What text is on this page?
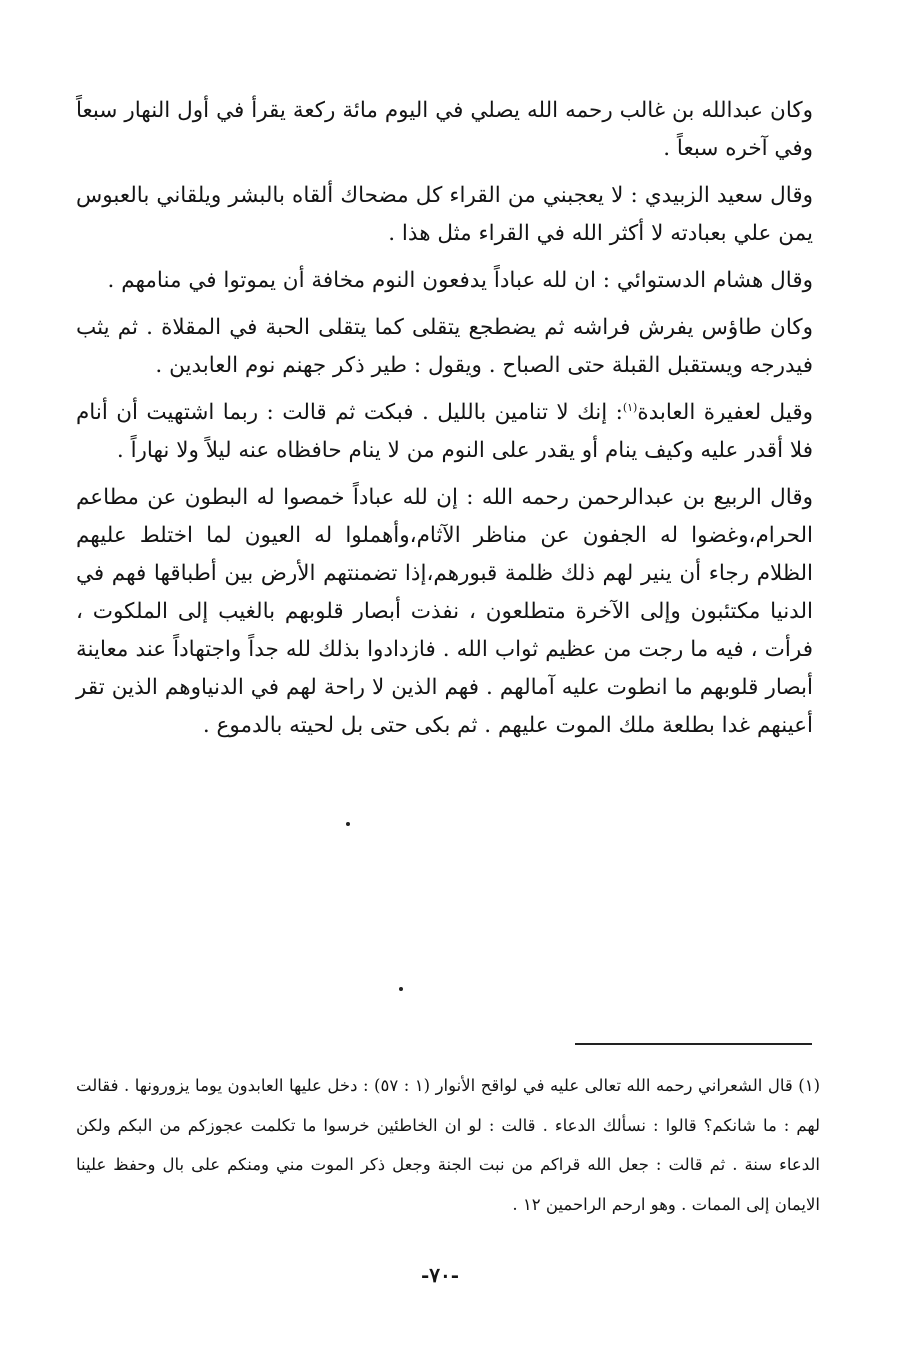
وكان عبدالله بن غالب رحمه الله يصلي في اليوم مائة ركعة يقرأ في أول النهار سبعاً وفي آخره سبعاً .

وقال سعيد الزبيدي : لا يعجبني من القراء كل مضحاك ألقاه بالبشر ويلقاني بالعبوس يمن علي بعبادته لا أكثر الله في القراء مثل هذا .

وقال هشام الدستوائي : ان لله عباداً يدفعون النوم مخافة أن يموتوا في منامهم .

وكان طاؤس يفرش فراشه ثم يضطجع يتقلى كما يتقلى الحبة في المقلاة . ثم يثب فيدرجه ويستقبل القبلة حتى الصباح . ويقول : طير ذكر جهنم نوم العابدين .

وقيل لعفيرة العابدة$^{(١)}$: إنك لا تنامين بالليل . فبكت ثم قالت : ربما اشتهيت أن أنام فلا أقدر عليه وكيف ينام أو يقدر على النوم من لا ينام حافظاه عنه ليلاً ولا نهاراً .

وقال الربيع بن عبدالرحمن رحمه الله : إن لله عباداً خمصوا له البطون عن مطاعم الحرام،وغضوا له الجفون عن مناظر الآثام،وأهملوا له العيون لما اختلط عليهم الظلام رجاء أن ينير لهم ذلك ظلمة قبورهم،إذا تضمنتهم الأرض بين أطباقها فهم في الدنيا مكتئبون وإلى الآخرة متطلعون ، نفذت أبصار قلوبهم بالغيب إلى الملكوت ، فرأت ، فيه ما رجت من عظيم ثواب الله . فازدادوا بذلك لله جداً واجتهاداً عند معاينة أبصار قلوبهم ما انطوت عليه آمالهم . فهم الذين لا راحة لهم في الدنياوهم الذين تقر أعينهم غدا بطلعة ملك الموت عليهم . ثم بكى حتى بل لحيته بالدموع .

(١) قال الشعراني رحمه الله تعالى عليه في لواقح الأنوار (١ : ٥٧) : دخل عليها العابدون يوما يزورونها . فقالت لهم : ما شانكم؟ قالوا : نسألك الدعاء . قالت : لو ان الخاطئين خرسوا ما تكلمت عجوزكم من البكم ولكن الدعاء سنة . ثم قالت : جعل الله قراكم من نبت الجنة وجعل ذكر الموت مني ومنكم على بال وحفظ علينا الايمان إلى الممات . وهو ارحم الراحمين ١٢ .

-٧٠-
